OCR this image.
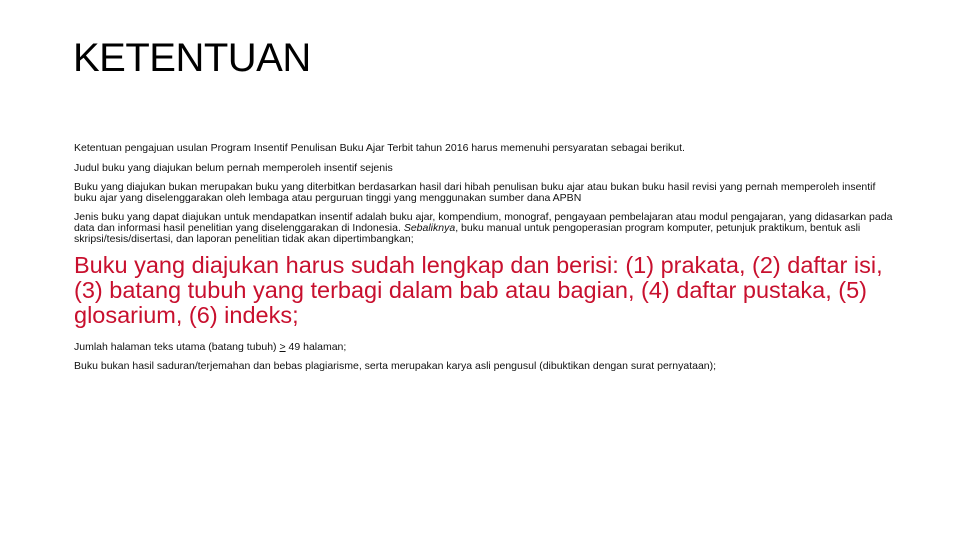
KETENTUAN

Ketentuan pengajuan usulan Program Insentif Penulisan Buku Ajar Terbit tahun 2016 harus memenuhi persyaratan sebagai berikut.

Judul buku yang diajukan belum pernah memperoleh insentif sejenis

Buku yang diajukan bukan merupakan buku yang diterbitkan berdasarkan hasil dari hibah penulisan buku ajar atau bukan buku hasil revisi yang pernah memperoleh insentif buku ajar yang diselenggarakan oleh lembaga atau perguruan tinggi yang menggunakan sumber dana APBN

Jenis buku yang dapat diajukan untuk mendapatkan insentif adalah buku ajar, kompendium, monograf, pengayaan pembelajaran atau modul pengajaran, yang didasarkan pada data dan informasi hasil penelitian yang diselenggarakan di Indonesia. Sebaliknya, buku manual untuk pengoperasian program komputer, petunjuk praktikum, bentuk asli skripsi/tesis/disertasi, dan laporan penelitian tidak akan dipertimbangkan;

Buku yang diajukan harus sudah lengkap dan berisi: (1) prakata, (2) daftar isi, (3) batang tubuh yang terbagi dalam bab atau bagian, (4) daftar pustaka, (5) glosarium, (6) indeks;

Jumlah halaman teks utama (batang tubuh) ≥ 49 halaman;

Buku bukan hasil saduran/terjemahan dan bebas plagiarisme, serta merupakan karya asli pengusul (dibuktikan dengan surat pernyataan);
